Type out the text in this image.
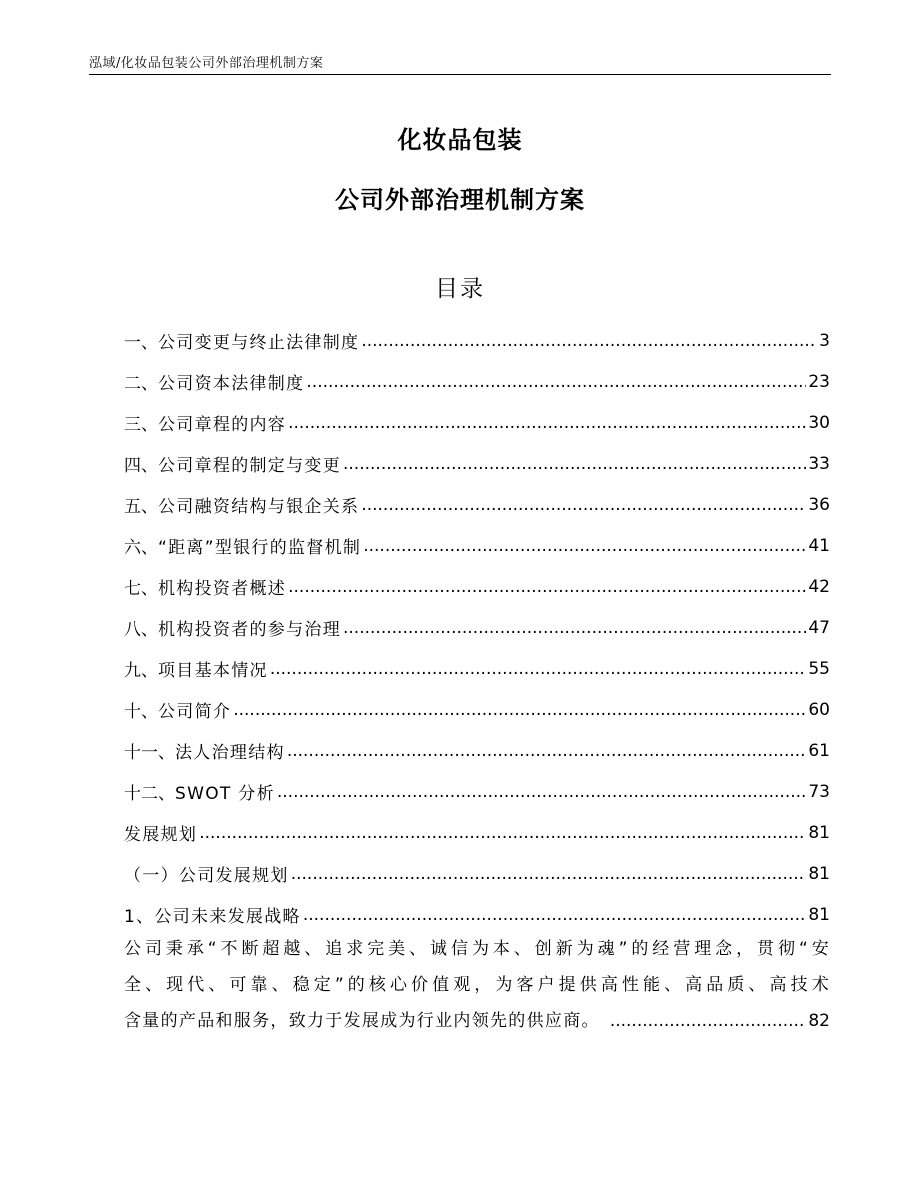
泓域/化妆品包装公司外部治理机制方案
化妆品包装
公司外部治理机制方案
目录
一、 公司变更与终止法律制度 .....	3
二、 公司资本法律制度 .....	23
三、 公司章程的内容 .....	30
四、 公司章程的制定与变更 .....	33
五、 公司融资结构与银企关系 .....	36
六、 “距离”型银行的监督机制 .....	41
七、 机构投资者概述 .....	42
八、 机构投资者的参与治理 .....	47
九、 项目基本情况 .....	55
十、 公司简介 .....	60
十一、 法人治理结构 .....	61
十二、 SWOT 分析 .....	73
发展规划 .....	81
（一）公司发展规划 .....	81
1、公司未来发展战略 .....	81
公司秉承“不断超越、追求完美、诚信为本、创新为魂”的经营理念，贯彻“安
全、现代、可靠、稳定”的核心价值观，为客户提供高性能、高品质、高技术
含量的产品和服务，致力于发展成为行业内领先的供应商。 .....	82
